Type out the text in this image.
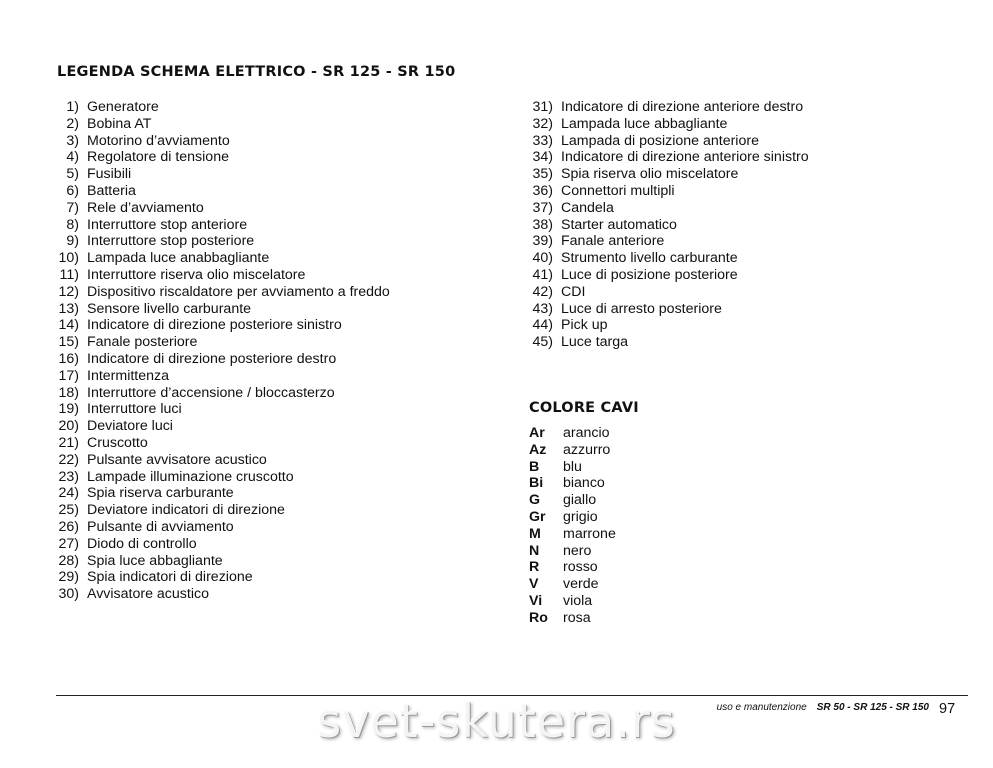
LEGENDA SCHEMA ELETTRICO - SR 125 - SR 150
1) Generatore
2) Bobina AT
3) Motorino d’avviamento
4) Regolatore di tensione
5) Fusibili
6) Batteria
7) Rele d’avviamento
8) Interruttore stop anteriore
9) Interruttore stop posteriore
10) Lampada luce anabbagliante
11) Interruttore riserva olio miscelatore
12) Dispositivo riscaldatore per avviamento a freddo
13) Sensore livello carburante
14) Indicatore di direzione posteriore sinistro
15) Fanale posteriore
16) Indicatore di direzione posteriore destro
17) Intermittenza
18) Interruttore d’accensione / bloccasterzo
19) Interruttore luci
20) Deviatore luci
21) Cruscotto
22) Pulsante avvisatore acustico
23) Lampade illuminazione cruscotto
24) Spia riserva carburante
25) Deviatore indicatori di direzione
26) Pulsante di avviamento
27) Diodo di controllo
28) Spia luce abbagliante
29) Spia indicatori di direzione
30) Avvisatore acustico
31) Indicatore di direzione anteriore destro
32) Lampada luce abbagliante
33) Lampada di posizione anteriore
34) Indicatore di direzione anteriore sinistro
35) Spia riserva olio miscelatore
36) Connettori multipli
37) Candela
38) Starter automatico
39) Fanale anteriore
40) Strumento livello carburante
41) Luce di posizione posteriore
42) CDI
43) Luce di arresto posteriore
44) Pick up
45) Luce targa
COLORE CAVI
Ar	arancio
Az	azzurro
B	blu
Bi	bianco
G	giallo
Gr	grigio
M	marrone
N	nero
R	rosso
V	verde
Vi	viola
Ro	rosa
uso e manutenzione SR 50 - SR 125 - SR 150 97
svet-skutera.rs
